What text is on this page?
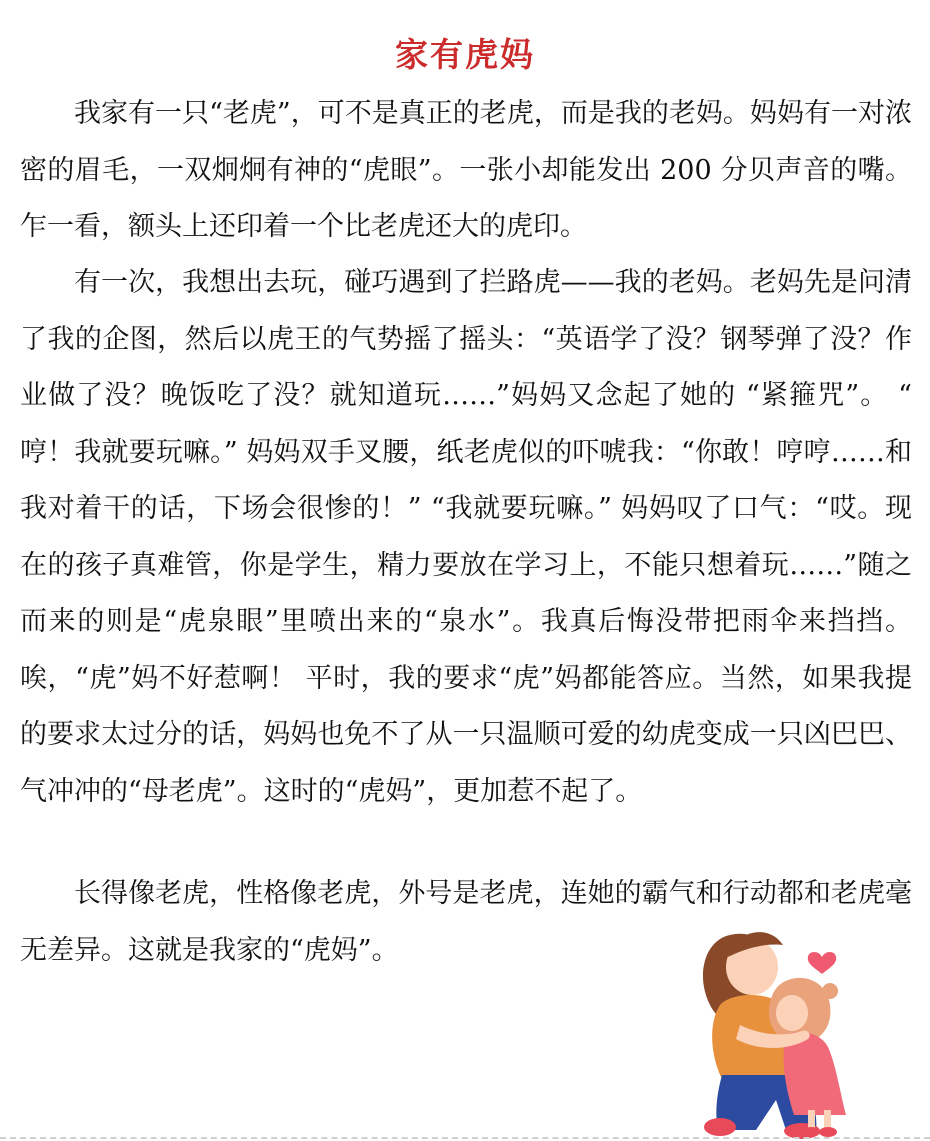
家有虎妈

我家有一只“老虎”，可不是真正的老虎，而是我的老妈。妈妈有一对浓密的眉毛，一双炯炯有神的“虎眼”。一张小却能发出 200 分贝声音的嘴。乍一看，额头上还印着一个比老虎还大的虎印。

有一次，我想出去玩，碰巧遇到了拦路虎——我的老妈。老妈先是问清了我的企图，然后以虎王的气势摇了摇头：“英语学了没？钢琴弹了没？作业做了没？晚饭吃了没？就知道玩……”妈妈又念起了她的 “紧箍咒”。 “ 哼！我就要玩嘛。” 妈妈双手叉腰，纸老虎似的吓唬我：“你敢！哼哼……和我对着干的话，下场会很惨的！” “我就要玩嘛。” 妈妈叹了口气：“哎。现在的孩子真难管，你是学生，精力要放在学习上，不能只想着玩……”随之而来的则是“虎泉眼”里喷出来的“泉水”。我真后悔没带把雨伞来挡挡。唉，“虎”妈不好惹啊！ 平时，我的要求“虎”妈都能答应。当然，如果我提的要求太过分的话，妈妈也免不了从一只温顺可爱的幼虎变成一只凶巴巴、气冲冲的“母老虎”。这时的“虎妈”，更加惹不起了。

长得像老虎，性格像老虎，外号是老虎，连她的霸气和行动都和老虎毫无差异。这就是我家的“虎妈”。
